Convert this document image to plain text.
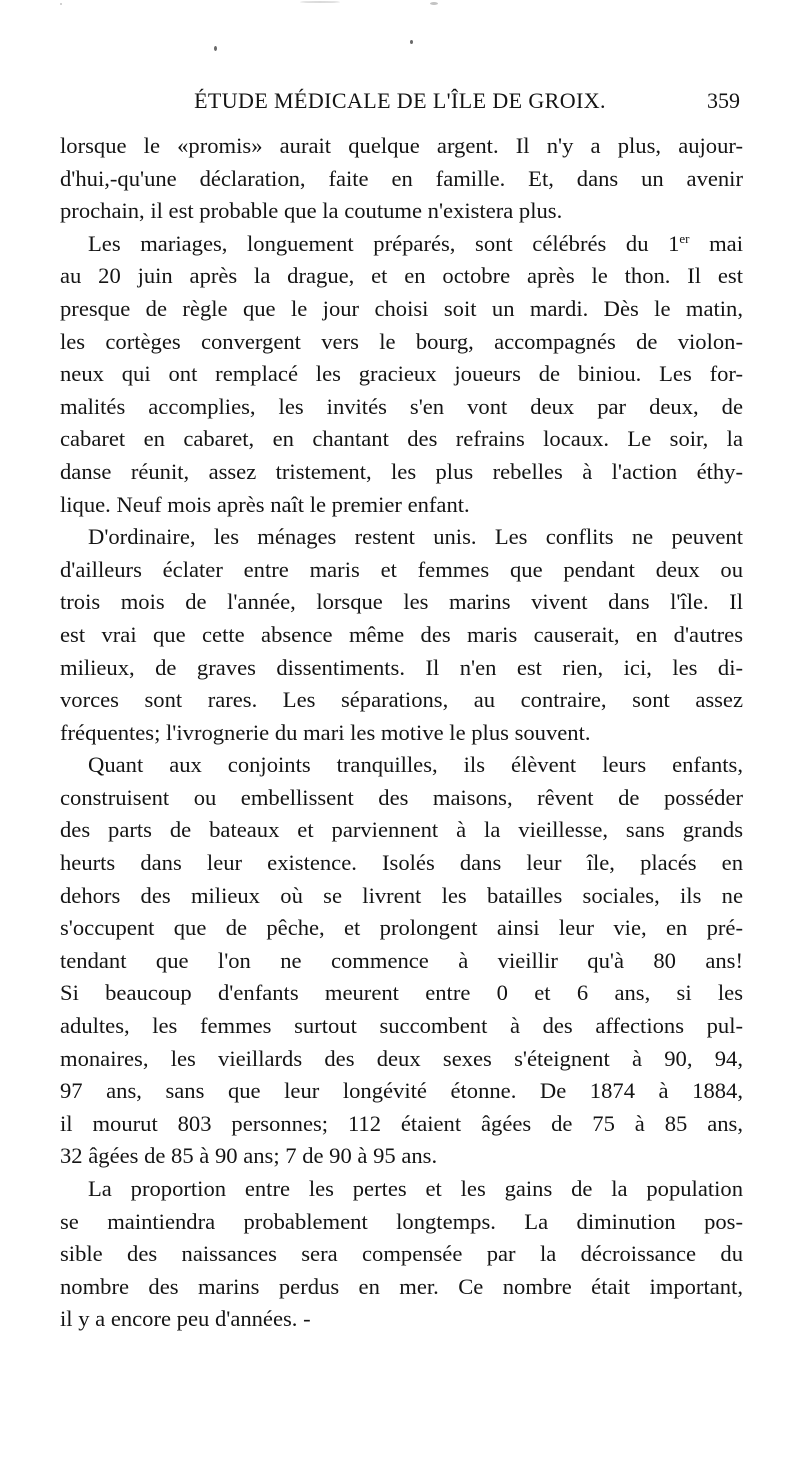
ÉTUDE MÉDICALE DE L'ÎLE DE GROIX.	359
lorsque le «promis» aurait quelque argent. Il n'y a plus, aujour-
d'hui,-qu'une déclaration, faite en famille. Et, dans un avenir
prochain, il est probable que la coutume n'existera plus.
Les mariages, longuement préparés, sont célébrés du 1er mai
au 20 juin après la drague, et en octobre après le thon. Il est
presque de règle que le jour choisi soit un mardi. Dès le matin,
les cortèges convergent vers le bourg, accompagnés de violon-
neux qui ont remplacé les gracieux joueurs de biniou. Les for-
malités accomplies, les invités s'en vont deux par deux, de
cabaret en cabaret, en chantant des refrains locaux. Le soir, la
danse réunit, assez tristement, les plus rebelles à l'action éthy-
lique. Neuf mois après naît le premier enfant.
D'ordinaire, les ménages restent unis. Les conflits ne peuvent
d'ailleurs éclater entre maris et femmes que pendant deux ou
trois mois de l'année, lorsque les marins vivent dans l'île. Il
est vrai que cette absence même des maris causerait, en d'autres
milieux, de graves dissentiments. Il n'en est rien, ici, les di-
vorces sont rares. Les séparations, au contraire, sont assez
fréquentes; l'ivrognerie du mari les motive le plus souvent.
Quant aux conjoints tranquilles, ils élèvent leurs enfants,
construisent ou embellissent des maisons, rêvent de posséder
des parts de bateaux et parviennent à la vieillesse, sans grands
heurts dans leur existence. Isolés dans leur île, placés en
dehors des milieux où se livrent les batailles sociales, ils ne
s'occupent que de pêche, et prolongent ainsi leur vie, en pré-
tendant que l'on ne commence à vieillir qu'à 80 ans!
Si beaucoup d'enfants meurent entre 0 et 6 ans, si les
adultes, les femmes surtout succombent à des affections pul-
monaires, les vieillards des deux sexes s'éteignent à 90, 94,
97 ans, sans que leur longévité étonne. De 1874 à 1884,
il mourut 803 personnes; 112 étaient âgées de 75 à 85 ans,
32 âgées de 85 à 90 ans; 7 de 90 à 95 ans.
La proportion entre les pertes et les gains de la population
se maintiendra probablement longtemps. La diminution pos-
sible des naissances sera compensée par la décroissance du
nombre des marins perdus en mer. Ce nombre était important,
il y a encore peu d'années. -
